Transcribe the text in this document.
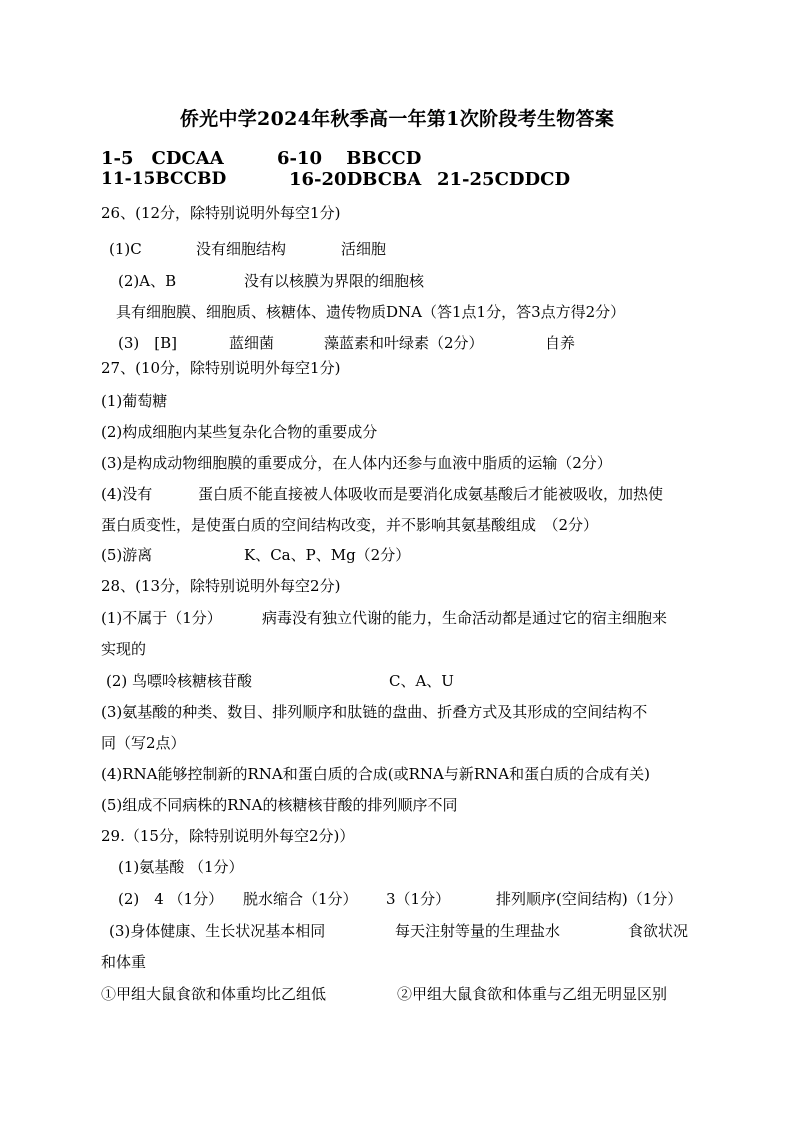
侨光中学2024年秋季高一年第1次阶段考生物答案
1-5　CDCAA	6-10　 BBCCD
11-15BCCBD	16-20DBCBA 21-25CDDCD
26、(12分，除特别说明外每空1分)
(1)C	没有细胞结构	活细胞
(2)A、B	没有以核膜为界限的细胞核
具有细胞膜、细胞质、核糖体、遗传物质DNA（答1点1分，答3点方得2分）
(3)　[B]	蓝细菌	藻蓝素和叶绿素（2分）	自养
27、(10分，除特别说明外每空1分)
(1)葡萄糖
(2)构成细胞内某些复杂化合物的重要成分
(3)是构成动物细胞膜的重要成分，在人体内还参与血液中脂质的运输（2分）
(4)没有	蛋白质不能直接被人体吸收而是要消化成氨基酸后才能被吸收，加热使
蛋白质变性，是使蛋白质的空间结构改变，并不影响其氨基酸组成　（2分）
(5)游离	K、Ca、P、Mg（2分）
28、(13分，除特别说明外每空2分)
(1)不属于（1分）	病毒没有独立代谢的能力，生命活动都是通过它的宿主细胞来
实现的
(2) 鸟嘌呤核糖核苷酸	C、A、U
(3)氨基酸的种类、数目、排列顺序和肽链的盘曲、折叠方式及其形成的空间结构不
同（写2点）
(4)RNA能够控制新的RNA和蛋白质的合成(或RNA与新RNA和蛋白质的合成有关)
(5)组成不同病株的RNA的核糖核苷酸的排列顺序不同
29.（15分，除特别说明外每空2分)）
(1)氨基酸 （1分）
(2)　4 （1分） 脱水缩合（1分） 3（1分）	排列顺序(空间结构)（1分）
(3)身体健康、生长状况基本相同	每天注射等量的生理盐水	食欲状况
和体重
①甲组大鼠食欲和体重均比乙组低	②甲组大鼠食欲和体重与乙组无明显区别
